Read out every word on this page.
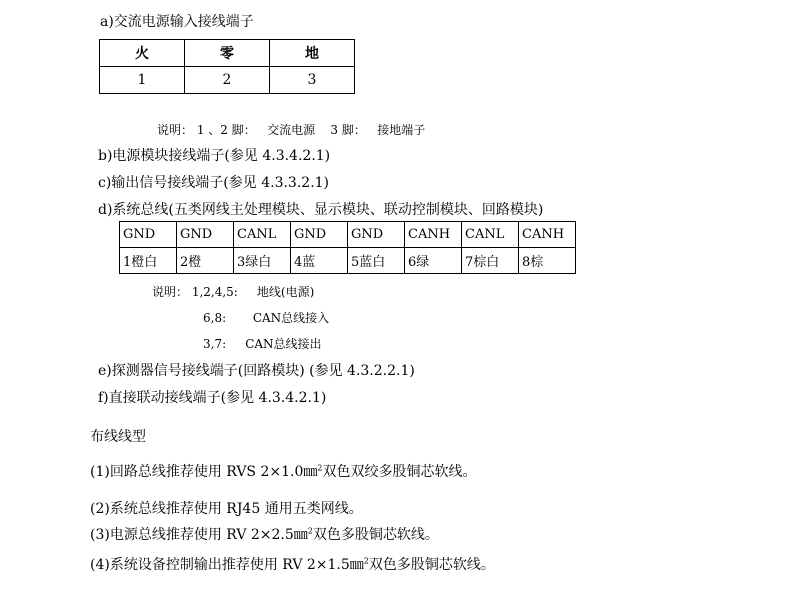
a)交流电源输入接线端子
火	零	地
1	2	3
说明： 1 、2 脚：   交流电源    3 脚：   接地端子
b)电源模块接线端子(参见 4.3.4.2.1)
c)输出信号接线端子(参见 4.3.3.2.1)
d)系统总线(五类网线主处理模块、显示模块、联动控制模块、回路模块)
GND	GND	CANL	GND	GND	CANH	CANL	CANH
1橙白	2橙	3绿白	4蓝	5蓝白	6绿	7棕白	8棕
说明： 1,2,4,5:     地线(电源)
6,8:       CAN总线接入
3,7:     CAN总线接出
e)探测器信号接线端子(回路模块) (参见 4.3.2.2.1)
f)直接联动接线端子(参见 4.3.4.2.1)
布线线型
(1)回路总线推荐使用 RVS 2×1.0㎜$^2$双色双绞多股铜芯软线。
(2)系统总线推荐使用 RJ45 通用五类网线。
(3)电源总线推荐使用 RV 2×2.5㎜$^2$双色多股铜芯软线。
(4)系统设备控制输出推荐使用 RV 2×1.5㎜$^2$双色多股铜芯软线。
